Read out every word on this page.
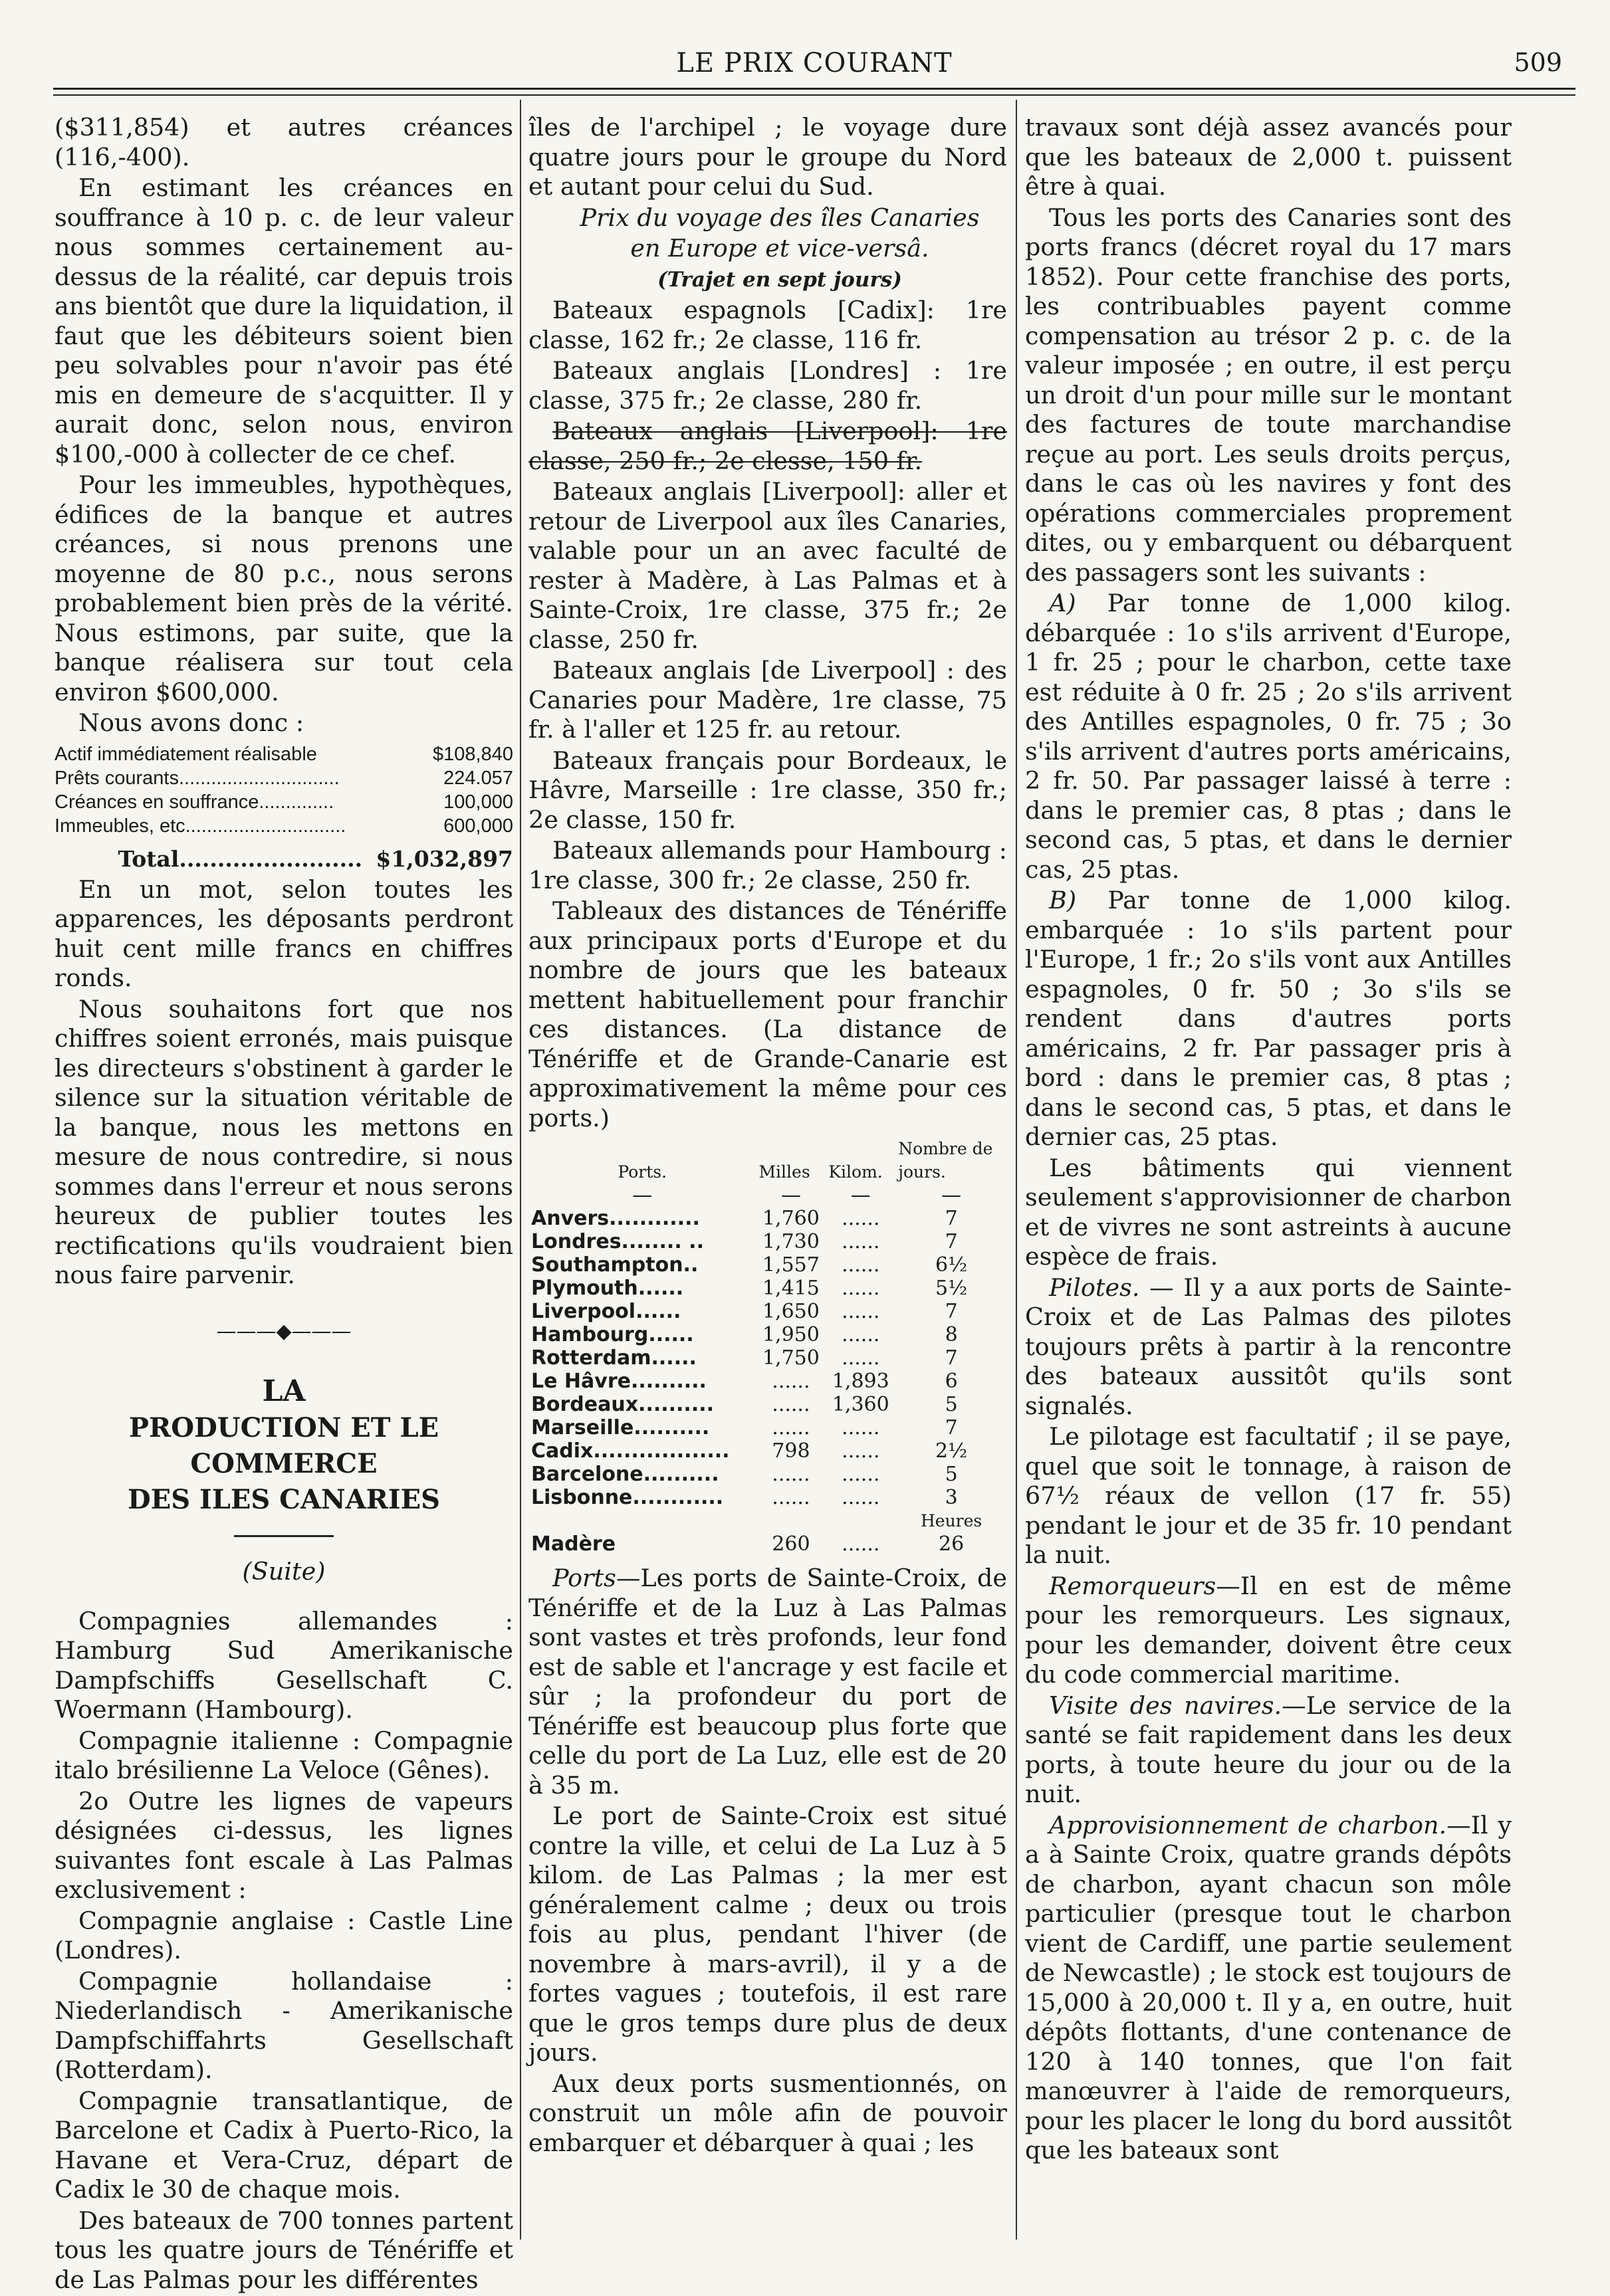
LE PRIX COURANT	509

($311,854) et autres créances (116,-400).

En estimant les créances en souffrance à 10 p. c. de leur valeur nous sommes certainement au-dessus de la réalité, car depuis trois ans bientôt que dure la liquidation, il faut que les débiteurs soient bien peu solvables pour n'avoir pas été mis en demeure de s'acquitter. Il y aurait donc, selon nous, environ $100,-000 à collecter de ce chef.

Pour les immeubles, hypothèques, édifices de la banque et autres créances, si nous prenons une moyenne de 80 p.c., nous serons probablement bien près de la vérité. Nous estimons, par suite, que la banque réalisera sur tout cela environ $600,000.

Nous avons donc :

Actif immédiatement réalisable	$108,840
Prêts courants..............................	224.057
Créances en souffrance..............	100,000
Immeubles, etc..............................	600,000
Total........................	$1,032,897

En un mot, selon toutes les apparences, les déposants perdront huit cent mille francs en chiffres ronds.

Nous souhaitons fort que nos chiffres soient erronés, mais puisque les directeurs s'obstinent à garder le silence sur la situation véritable de la banque, nous les mettons en mesure de nous contredire, si nous sommes dans l'erreur et nous serons heureux de publier toutes les rectifications qu'ils voudraient bien nous faire parvenir.

———◆———
LA
PRODUCTION ET LE COMMERCE
DES ILES CANARIES
(Suite)

Compagnies allemandes : Hamburg Sud Amerikanische Dampfschiffs Gesellschaft C. Woermann (Hambourg).

Compagnie italienne : Compagnie italo brésilienne La Veloce (Gênes).

2o Outre les lignes de vapeurs désignées ci-dessus, les lignes suivantes font escale à Las Palmas exclusivement :

Compagnie anglaise : Castle Line (Londres).

Compagnie hollandaise : Niederlandisch - Amerikanische Dampfschiffahrts Gesellschaft (Rotterdam).

Compagnie transatlantique, de Barcelone et Cadix à Puerto-Rico, la Havane et Vera-Cruz, départ de Cadix le 30 de chaque mois.

Des bateaux de 700 tonnes partent tous les quatre jours de Ténériffe et de Las Palmas pour les différentes

îles de l'archipel ; le voyage dure quatre jours pour le groupe du Nord et autant pour celui du Sud.

Prix du voyage des îles Canaries

en Europe et vice-versâ.

(Trajet en sept jours)

Bateaux espagnols [Cadix]: 1re classe, 162 fr.; 2e classe, 116 fr.

Bateaux anglais [Londres] : 1re classe, 375 fr.; 2e classe, 280 fr.

Bateaux anglais [Liverpool]: 1re classe, 250 fr.; 2e clesse, 150 fr.

Bateaux anglais [Liverpool]: aller et retour de Liverpool aux îles Canaries, valable pour un an avec faculté de rester à Madère, à Las Palmas et à Sainte-Croix, 1re classe, 375 fr.; 2e classe, 250 fr.

Bateaux anglais [de Liverpool] : des Canaries pour Madère, 1re classe, 75 fr. à l'aller et 125 fr. au retour.

Bateaux français pour Bordeaux, le Hâvre, Marseille : 1re classe, 350 fr.; 2e classe, 150 fr.

Bateaux allemands pour Hambourg : 1re classe, 300 fr.; 2e classe, 250 fr.

Tableaux des distances de Ténériffe aux principaux ports d'Europe et du nombre de jours que les bateaux mettent habituellement pour franchir ces distances. (La distance de Ténériffe et de Grande-Canarie est approximativement la même pour ces ports.)

Ports.	Milles	Kilom.	Nombre de
jours.

—	—	—	—
Anvers............	1,760	......	7
Londres........ ..	1,730	......	7
Southampton..	1,557	......	6½
Plymouth......	1,415	......	5½
Liverpool......	1,650	......	7
Hambourg......	1,950	......	8
Rotterdam......	1,750	......	7
Le Hâvre..........	......	1,893	6
Bordeaux..........	......	1,360	5
Marseille..........	......	......	7
Cadix..................	798	......	2½
Barcelone..........	......	......	5
Lisbonne............	......	......	3
			Heures
Madère	260	......	26

Ports—Les ports de Sainte-Croix, de Ténériffe et de la Luz à Las Palmas sont vastes et très profonds, leur fond est de sable et l'ancrage y est facile et sûr ; la profondeur du port de Ténériffe est beaucoup plus forte que celle du port de La Luz, elle est de 20 à 35 m.

Le port de Sainte-Croix est situé contre la ville, et celui de La Luz à 5 kilom. de Las Palmas ; la mer est généralement calme ; deux ou trois fois au plus, pendant l'hiver (de novembre à mars-avril), il y a de fortes vagues ; toutefois, il est rare que le gros temps dure plus de deux jours.

Aux deux ports susmentionnés, on construit un môle afin de pouvoir embarquer et débarquer à quai ; les

travaux sont déjà assez avancés pour que les bateaux de 2,000 t. puissent être à quai.

Tous les ports des Canaries sont des ports francs (décret royal du 17 mars 1852). Pour cette franchise des ports, les contribuables payent comme compensation au trésor 2 p. c. de la valeur imposée ; en outre, il est perçu un droit d'un pour mille sur le montant des factures de toute marchandise reçue au port. Les seuls droits perçus, dans le cas où les navires y font des opérations commerciales proprement dites, ou y embarquent ou débarquent des passagers sont les suivants :

A) Par tonne de 1,000 kilog. débarquée : 1o s'ils arrivent d'Europe, 1 fr. 25 ; pour le charbon, cette taxe est réduite à 0 fr. 25 ; 2o s'ils arrivent des Antilles espagnoles, 0 fr. 75 ; 3o s'ils arrivent d'autres ports américains, 2 fr. 50. Par passager laissé à terre : dans le premier cas, 8 ptas ; dans le second cas, 5 ptas, et dans le dernier cas, 25 ptas.

B) Par tonne de 1,000 kilog. embarquée : 1o s'ils partent pour l'Europe, 1 fr.; 2o s'ils vont aux Antilles espagnoles, 0 fr. 50 ; 3o s'ils se rendent dans d'autres ports américains, 2 fr. Par passager pris à bord : dans le premier cas, 8 ptas ; dans le second cas, 5 ptas, et dans le dernier cas, 25 ptas.

Les bâtiments qui viennent seulement s'approvisionner de charbon et de vivres ne sont astreints à aucune espèce de frais.

Pilotes. — Il y a aux ports de Sainte-Croix et de Las Palmas des pilotes toujours prêts à partir à la rencontre des bateaux aussitôt qu'ils sont signalés.

Le pilotage est facultatif ; il se paye, quel que soit le tonnage, à raison de 67½ réaux de vellon (17 fr. 55) pendant le jour et de 35 fr. 10 pendant la nuit.

Remorqueurs—Il en est de même pour les remorqueurs. Les signaux, pour les demander, doivent être ceux du code commercial maritime.

Visite des navires.—Le service de la santé se fait rapidement dans les deux ports, à toute heure du jour ou de la nuit.

Approvisionnement de charbon.—Il y a à Sainte Croix, quatre grands dépôts de charbon, ayant chacun son môle particulier (presque tout le charbon vient de Cardiff, une partie seulement de Newcastle) ; le stock est toujours de 15,000 à 20,000 t. Il y a, en outre, huit dépôts flottants, d'une contenance de 120 à 140 tonnes, que l'on fait manœuvrer à l'aide de remorqueurs, pour les placer le long du bord aussitôt que les bateaux sont
